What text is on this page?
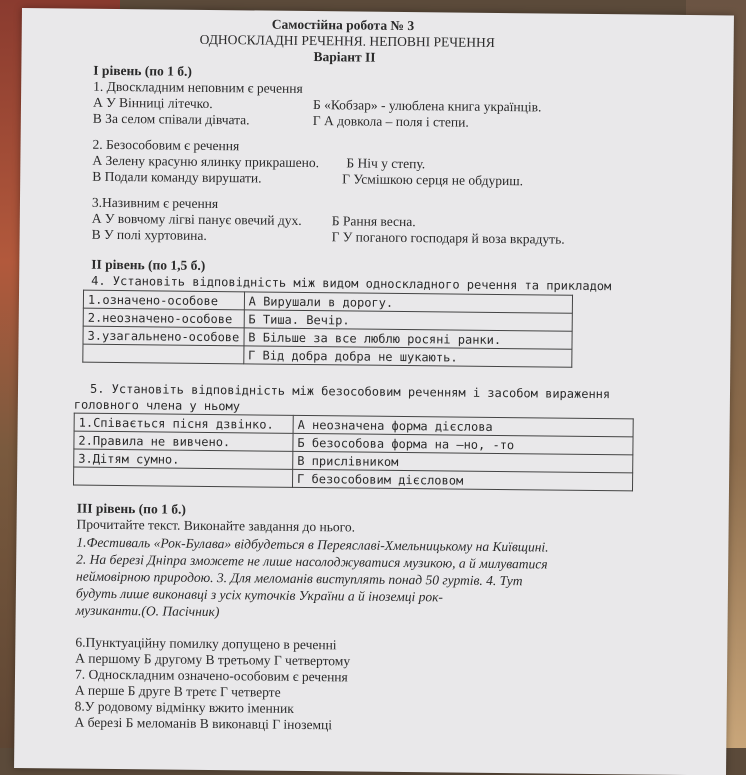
Самостійна робота № 3
ОДНОСКЛАДНІ РЕЧЕННЯ. НЕПОВНІ РЕЧЕННЯ
Варіант ІІ
І рівень (по 1 б.)
1. Двоскладним неповним є речення
А У Вінниці літечко.	Б «Кобзар» - улюблена книга українців.
В За селом співали дівчата.	Г А довкола – поля і степи.
2. Безособовим є речення
А Зелену красуню ялинку прикрашено. Б Ніч у степу.
В Подали команду вирушати.	Г Усмішкою серця не обдуриш.
3.Називним є речення
А У вовчому лігві панує овечий дух. Б Рання весна.
В У полі хуртовина.	Г У поганого господаря й воза вкрадуть.
ІІ рівень (по 1,5 б.)
4. Установіть відповідність між видом односкладного речення та прикладом
1.означено-особове	А Вирушали в дорогу.
2.неозначено-особове	Б Тиша. Вечір.
3.узагальнено-особове	В Більше за все люблю росяні ранки.
	Г Від добра добра не шукають.
5. Установіть відповідність між безособовим реченням і засобом вираження
головного члена у ньому
1.Співається пісня дзвінко.	А неозначена форма дієслова
2.Правила не вивчено.	Б безособова форма на –но, -то
3.Дітям сумно.	В прислівником
	Г безособовим дієсловом
ІІІ рівень (по 1 б.)
Прочитайте текст. Виконайте завдання до нього.
1.Фестиваль «Рок-Булава» відбудеться в Переяславі-Хмельницькому на Київщині.
2. На березі Дніпра зможете не лише насолоджуватися музикою, а й милуватися
неймовірною природою. 3. Для меломанів виступлять понад 50 гуртів. 4. Тут
будуть лише виконавці з усіх куточків України а й іноземці рок-
музиканти.(О. Пасічник)
6.Пунктуаційну помилку допущено в реченні
А першому Б другому В третьому Г четвертому
7. Односкладним означено-особовим є речення
А перше Б друге В третє Г четверте
8.У родовому відмінку вжито іменник
А березі Б меломанів В виконавці Г іноземці
